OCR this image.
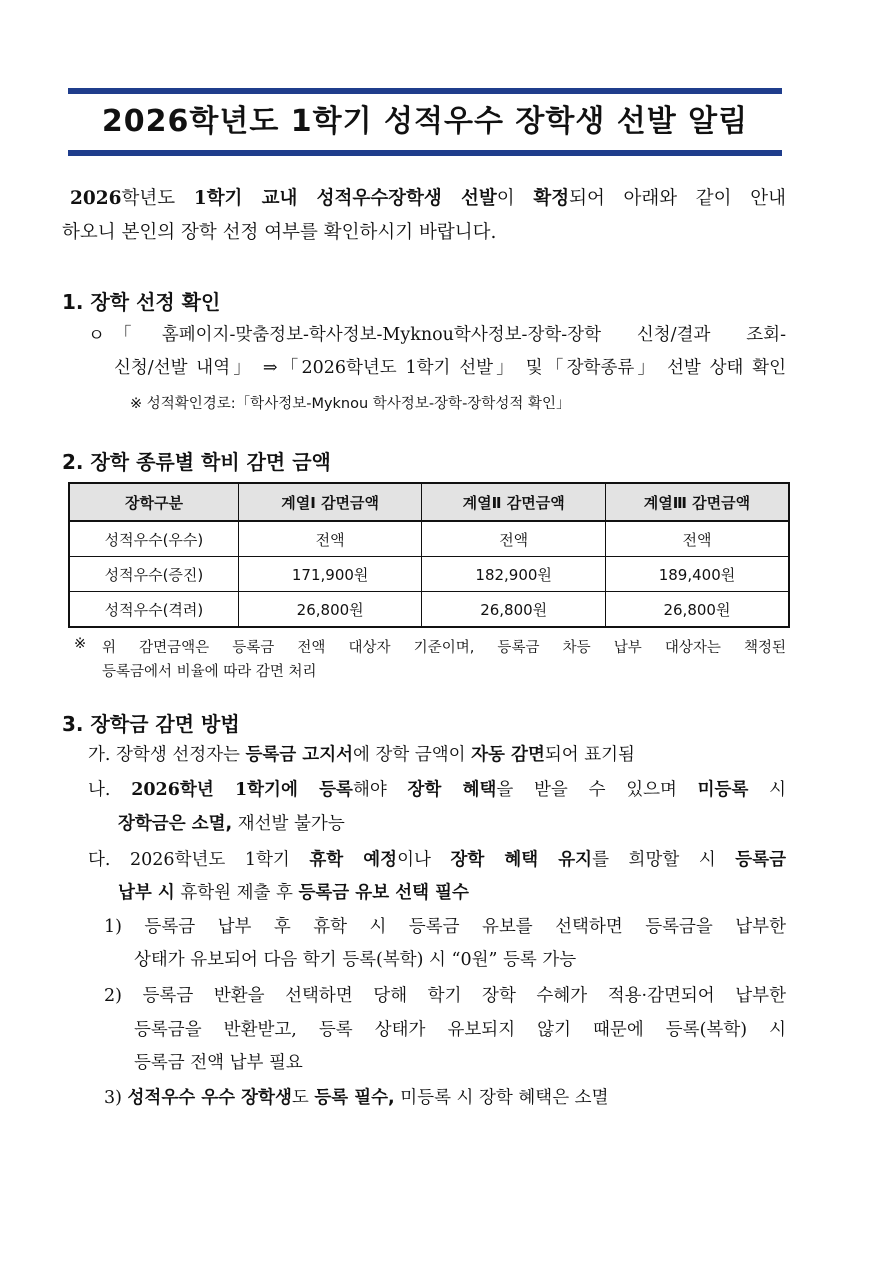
2026학년도 1학기 성적우수 장학생 선발 알림
2026학년도 1학기 교내 성적우수장학생 선발이 확정되어 아래와 같이 안내
하오니 본인의 장학 선정 여부를 확인하시기 바랍니다.
1. 장학 선정 확인
ㅇ 「홈페이지-맞춤정보-학사정보-Myknou학사정보-장학-장학 신청/결과 조회-
신청/선발 내역」 ⇒「2026학년도 1학기 선발」 및「장학종류」 선발 상태 확인
※ 성적확인경로:「학사정보-Myknou 학사정보-장학-장학성적 확인」
2. 장학 종류별 학비 감면 금액
장학구분	계열Ⅰ 감면금액	계열Ⅱ 감면금액	계열Ⅲ 감면금액
성적우수(우수)	전액	전액	전액
성적우수(증진)	171,900원	182,900원	189,400원
성적우수(격려)	26,800원	26,800원	26,800원
※ 위 감면금액은 등록금 전액 대상자 기준이며, 등록금 차등 납부 대상자는 책정된
등록금에서 비율에 따라 감면 처리
3. 장학금 감면 방법
가. 장학생 선정자는 등록금 고지서에 장학 금액이 자동 감면되어 표기됨
나. 2026학년 1학기에 등록해야 장학 혜택을 받을 수 있으며 미등록 시
장학금은 소멸, 재선발 불가능
다. 2026학년도 1학기 휴학 예정이나 장학 혜택 유지를 희망할 시 등록금
납부 시 휴학원 제출 후 등록금 유보 선택 필수
1) 등록금 납부 후 휴학 시 등록금 유보를 선택하면 등록금을 납부한
상태가 유보되어 다음 학기 등록(복학) 시 “0원” 등록 가능
2) 등록금 반환을 선택하면 당해 학기 장학 수혜가 적용·감면되어 납부한
등록금을 반환받고, 등록 상태가 유보되지 않기 때문에 등록(복학) 시
등록금 전액 납부 필요
3) 성적우수 우수 장학생도 등록 필수, 미등록 시 장학 혜택은 소멸
